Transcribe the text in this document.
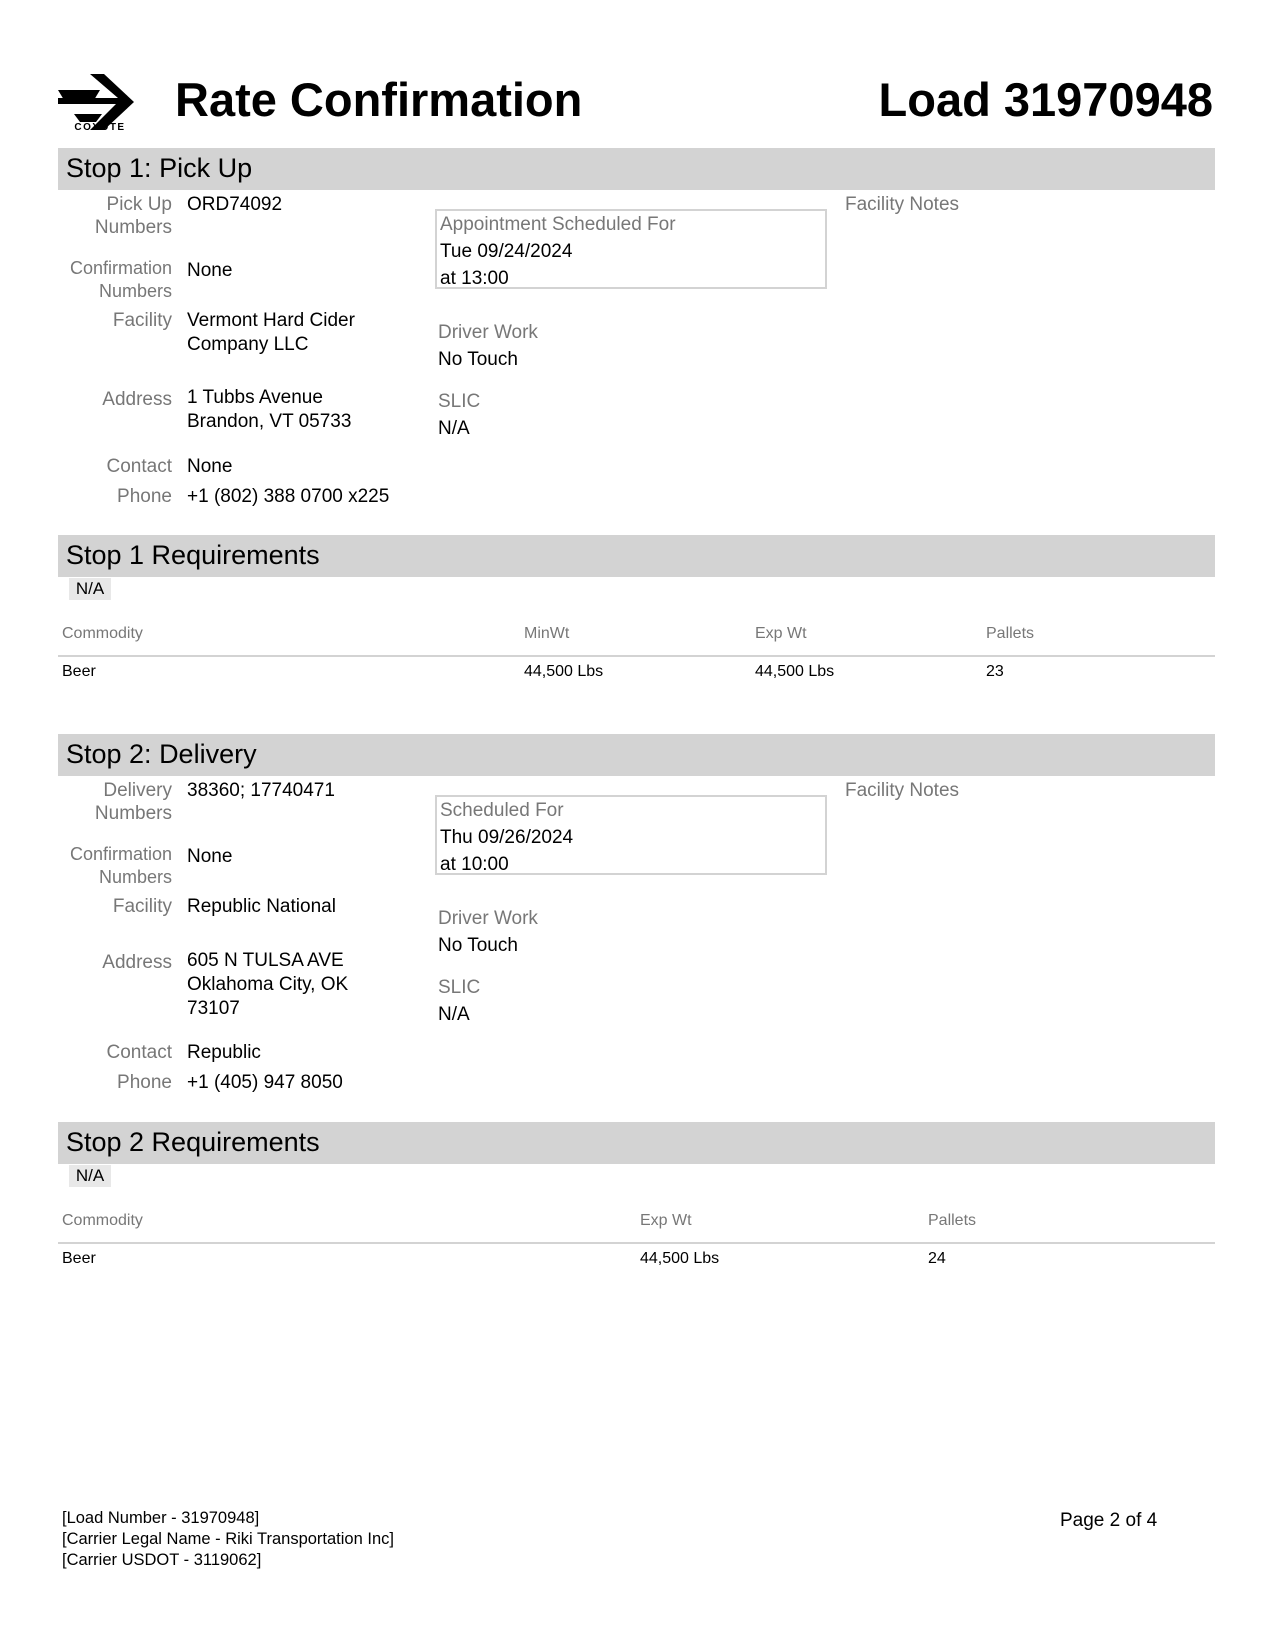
COYOTE
Rate Confirmation	Load 31970948
Stop 1: Pick Up
Pick Up
Numbers
ORD74092
Confirmation
Numbers
None
Facility Vermont Hard Cider
Company LLC
Address 1 Tubbs Avenue
Brandon, VT 05733
Contact None
Phone +1 (802) 388 0700 x225
Appointment Scheduled For
Tue 09/24/2024
at 13:00
Driver Work
No Touch
SLIC
N/A
Facility Notes
Stop 1 Requirements
N/A
Commodity	MinWt	Exp Wt	Pallets
Beer	44,500 Lbs	44,500 Lbs	23
Stop 2: Delivery
Delivery
Numbers
38360; 17740471
Confirmation
Numbers
None
Facility Republic National
Address 605 N TULSA AVE
Oklahoma City, OK
73107
Contact Republic
Phone +1 (405) 947 8050
Scheduled For
Thu 09/26/2024
at 10:00
Driver Work
No Touch
SLIC
N/A
Facility Notes
Stop 2 Requirements
N/A
Commodity	Exp Wt	Pallets
Beer	44,500 Lbs	24
[Load Number - 31970948]
[Carrier Legal Name - Riki Transportation Inc]
[Carrier USDOT - 3119062]
Page 2 of 4
